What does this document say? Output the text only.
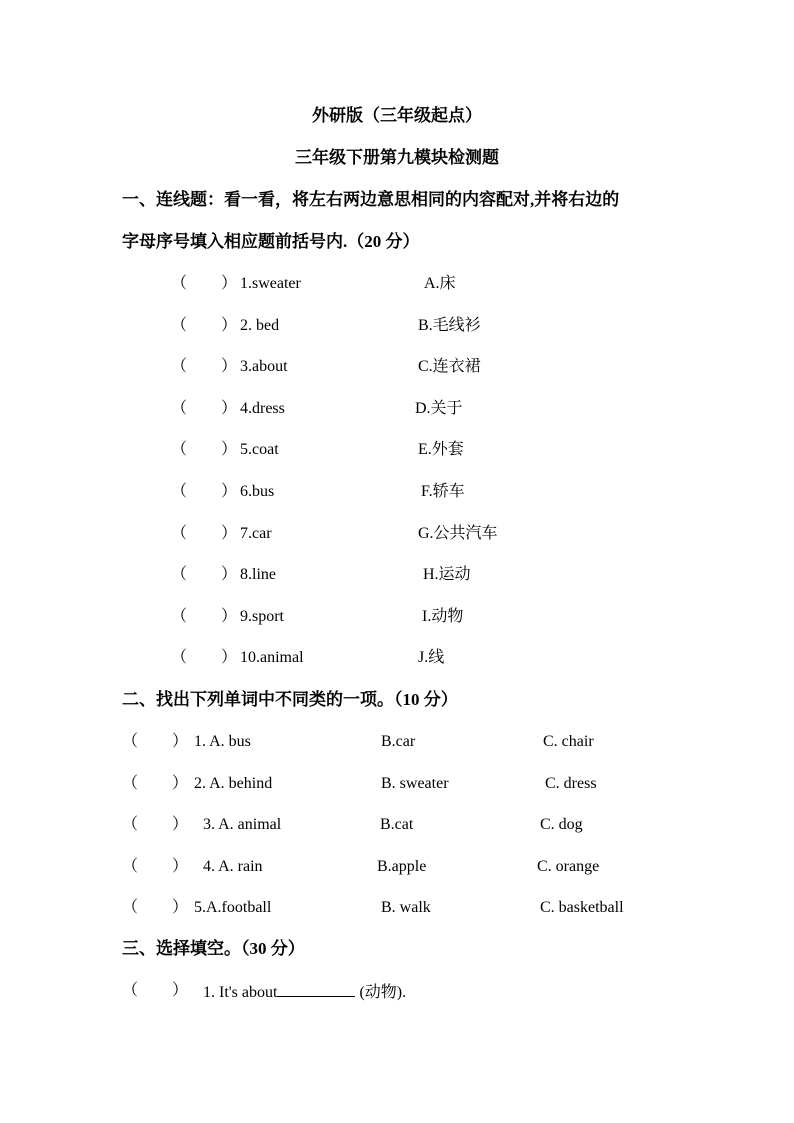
外研版（三年级起点）
三年级下册第九模块检测题
一、连线题：看一看，将左右两边意思相同的内容配对,并将右边的
字母序号填入相应题前括号内.（20 分）
（ ） 1.sweater	A.床
（ ） 2. bed	B.毛线衫
（ ） 3.about	C.连衣裙
（ ） 4.dress	D.关于
（ ） 5.coat	E.外套
（ ） 6.bus	F.轿车
（ ） 7.car	G.公共汽车
（ ） 8.line	H.运动
（ ） 9.sport	I.动物
（ ） 10.animal	J.线
二、找出下列单词中不同类的一项。（10 分）
（ ） 1. A. bus	B.car	C. chair
（ ） 2. A. behind	B. sweater	C. dress
（ ） 3. A. animal	B.cat	C. dog
（ ） 4. A. rain	B.apple	C. orange
（ ） 5.A.football	B. walk	C. basketball
三、选择填空。（30 分）
（ ） 1. It's about	(动物).
